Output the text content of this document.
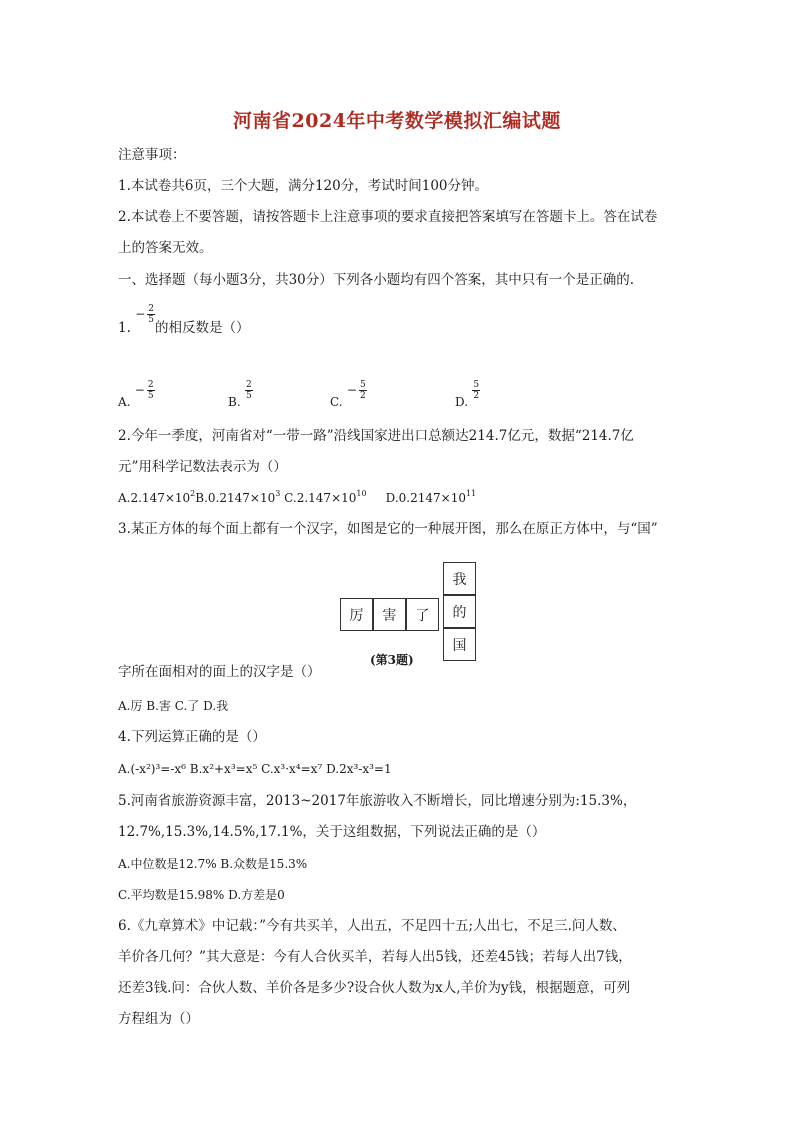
河南省2024年中考数学模拟汇编试题
注意事项：
1.本试卷共6页，三个大题，满分120分，考试时间100分钟。
2.本试卷上不要答题，请按答题卡上注意事项的要求直接把答案填写在答题卡上。答在试卷
上的答案无效。
一、选择题（每小题3分，共30分）下列各小题均有四个答案，其中只有一个是正确的.
1. − $\frac{2}{5}$
的相反数是（）
A. − $\frac{2}{5}$
B.
$\frac{2}{5}$
C. − $\frac{5}{2}$
D.
$\frac{5}{2}$
2.今年一季度，河南省对“一带一路”沿线国家进出口总额达214.7亿元，数据“214.7亿
元”用科学记数法表示为（）
$A.2.147\times 10^2B.0.2147\times 10^3$ $C.2.147\times 10^{10}$ $D.0.2147\times 10^{11}$
3.某正方体的每个面上都有一个汉字，如图是它的一种展开图，那么在原正方体中，与“国”
厉	害	了
我
的
国
(第3题)
字所在面相对的面上的汉字是（）
A.厉 B.害 C.了 D.我
4.下列运算正确的是（）
A.(-x²)³=-x⁶ B.x²+x³=x⁵ C.x³·x⁴=x⁷ D.2x³-x³=1
5.河南省旅游资源丰富，2013~2017年旅游收入不断增长，同比增速分别为:15.3%，
12.7%,15.3%,14.5%,17.1%，关于这组数据，下列说法正确的是（）
A.中位数是12.7% B.众数是15.3%
C.平均数是15.98% D.方差是0
6.《九章算术》中记载：”今有共买羊，人出五，不足四十五;人出七，不足三.问人数、
羊价各几何？”其大意是：今有人合伙买羊，若每人出5钱，还差45钱；若每人出7钱，
还差3钱.问：合伙人数、羊价各是多少?设合伙人数为x人,羊价为y钱，根据题意，可列
方程组为（）
